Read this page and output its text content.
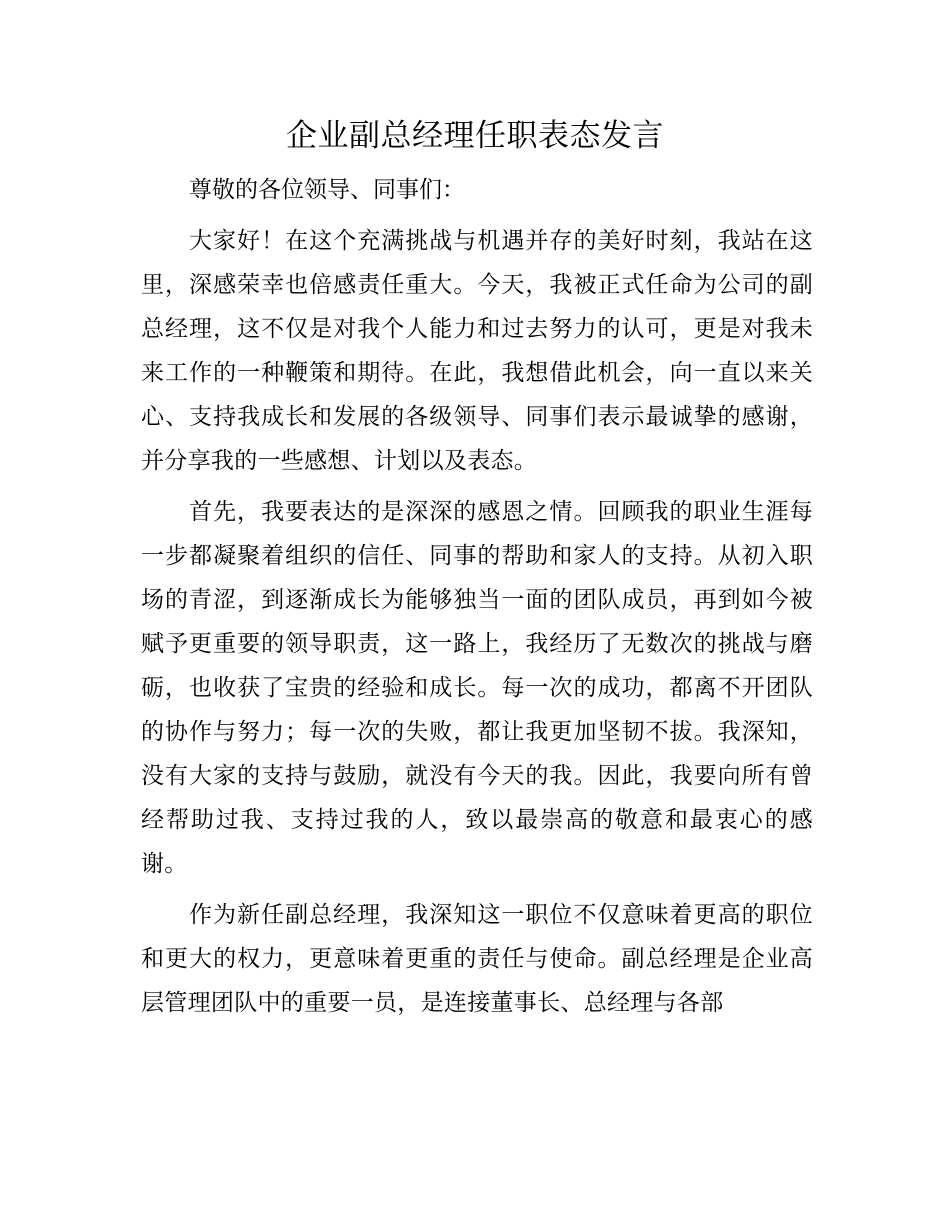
企业副总经理任职表态发言

尊敬的各位领导、同事们：

大家好！在这个充满挑战与机遇并存的美好时刻，我站在这里，深感荣幸也倍感责任重大。今天，我被正式任命为公司的副总经理，这不仅是对我个人能力和过去努力的认可，更是对我未来工作的一种鞭策和期待。在此，我想借此机会，向一直以来关心、支持我成长和发展的各级领导、同事们表示最诚挚的感谢，并分享我的一些感想、计划以及表态。

首先，我要表达的是深深的感恩之情。回顾我的职业生涯每一步都凝聚着组织的信任、同事的帮助和家人的支持。从初入职场的青涩，到逐渐成长为能够独当一面的团队成员，再到如今被赋予更重要的领导职责，这一路上，我经历了无数次的挑战与磨砺，也收获了宝贵的经验和成长。每一次的成功，都离不开团队的协作与努力；每一次的失败，都让我更加坚韧不拔。我深知，没有大家的支持与鼓励，就没有今天的我。因此，我要向所有曾经帮助过我、支持过我的人，致以最崇高的敬意和最衷心的感谢。

作为新任副总经理，我深知这一职位不仅意味着更高的职位和更大的权力，更意味着更重的责任与使命。副总经理是企业高层管理团队中的重要一员，是连接董事长、总经理与各部
